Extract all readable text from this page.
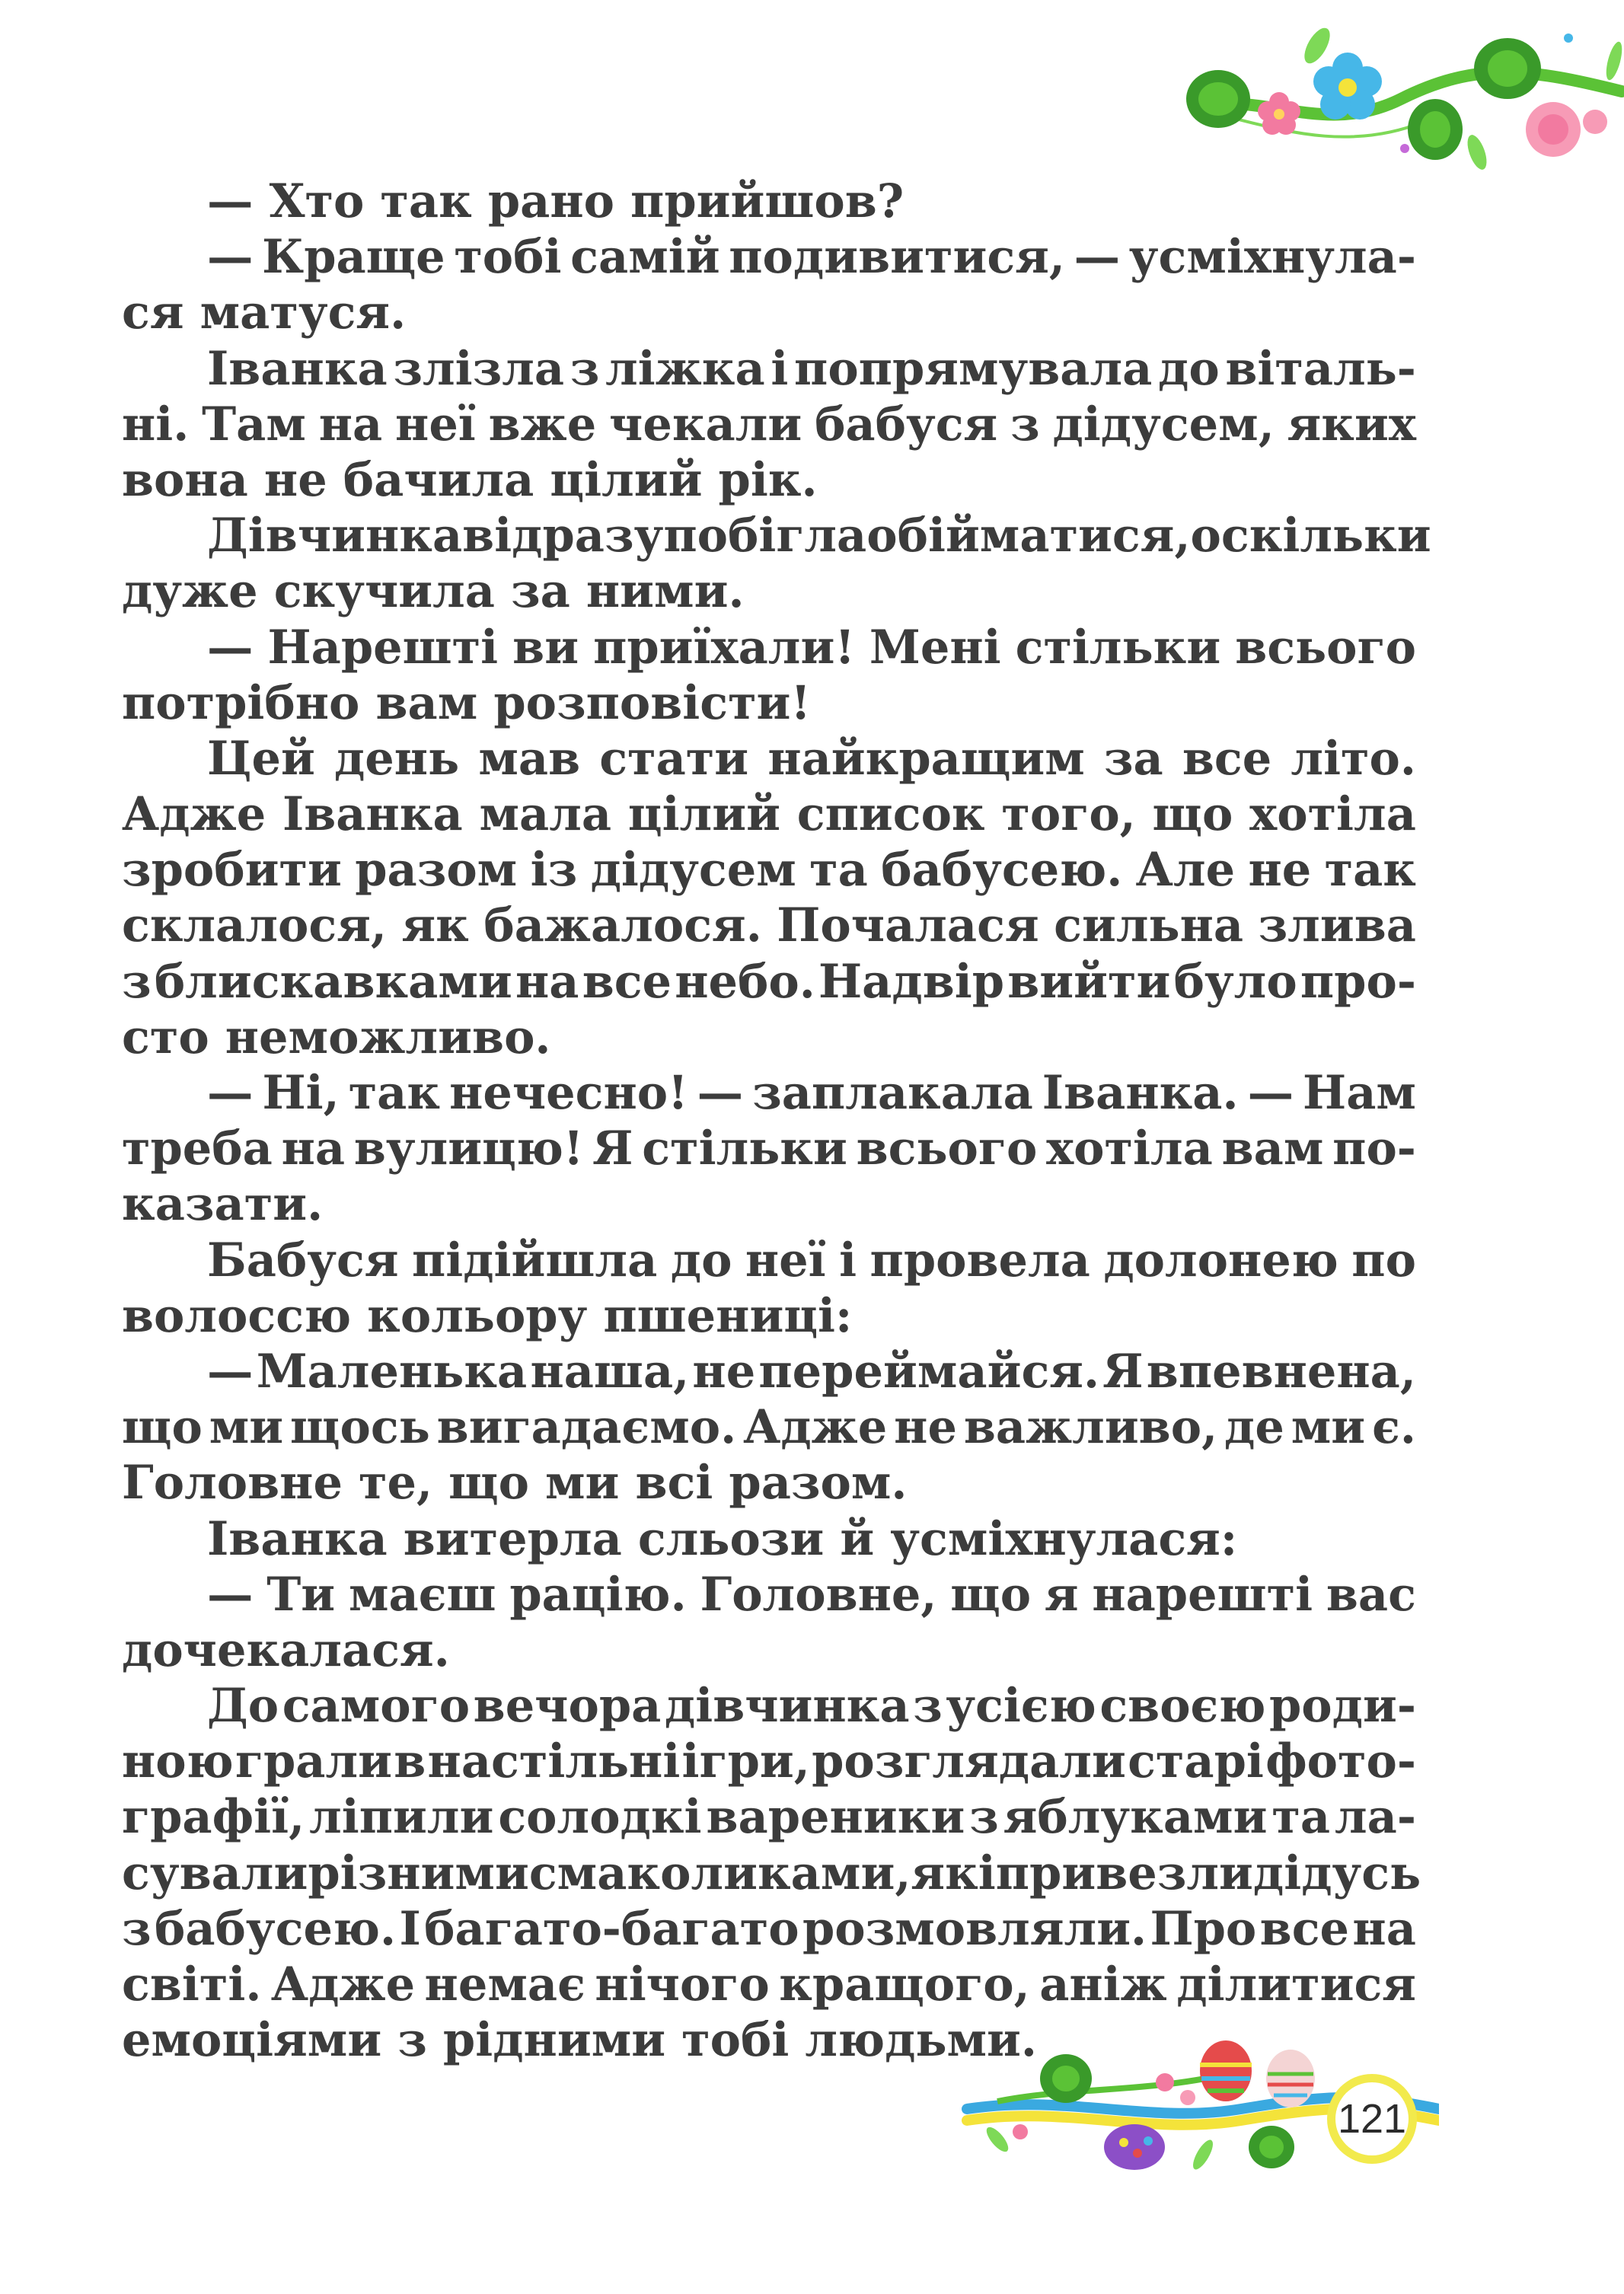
— Хто так рано прийшов?
— Краще тобі самій подивитися, — усміхнула-
ся матуся.
Іванка злізла з ліжка і попрямувала до віталь-
ні. Там на неї вже чекали бабуся з дідусем, яких
вона не бачила цілий рік.
Дівчинка відразу побігла обійматися, оскільки
дуже скучила за ними.
— Нарешті ви приїхали! Мені стільки всього
потрібно вам розповісти!
Цей день мав стати найкращим за все літо.
Адже Іванка мала цілий список того, що хотіла
зробити разом із дідусем та бабусею. Але не так
склалося, як бажалося. Почалася сильна злива
з блискавками на все небо. Надвір вийти було про-
сто неможливо.
— Ні, так нечесно! — заплакала Іванка. — Нам
треба на вулицю! Я стільки всього хотіла вам по-
казати.
Бабуся підійшла до неї і провела долонею по
волоссю кольору пшениці:
— Маленька наша, не переймайся. Я впевнена,
що ми щось вигадаємо. Адже не важливо, де ми є.
Головне те, що ми всі разом.
Іванка витерла сльози й усміхнулася:
— Ти маєш рацію. Головне, що я нарешті вас
дочекалася.
До самого вечора дівчинка з усією своєю роди-
ною грали в настільні ігри, розглядали старі фото-
графії, ліпили солодкі вареники з яблуками та ла-
сували різними смаколиками, які привезли дідусь
з бабусею. І багато-багато розмовляли. Про все на
світі. Адже немає нічого кращого, аніж ділитися
емоціями з рідними тобі людьми.
121
